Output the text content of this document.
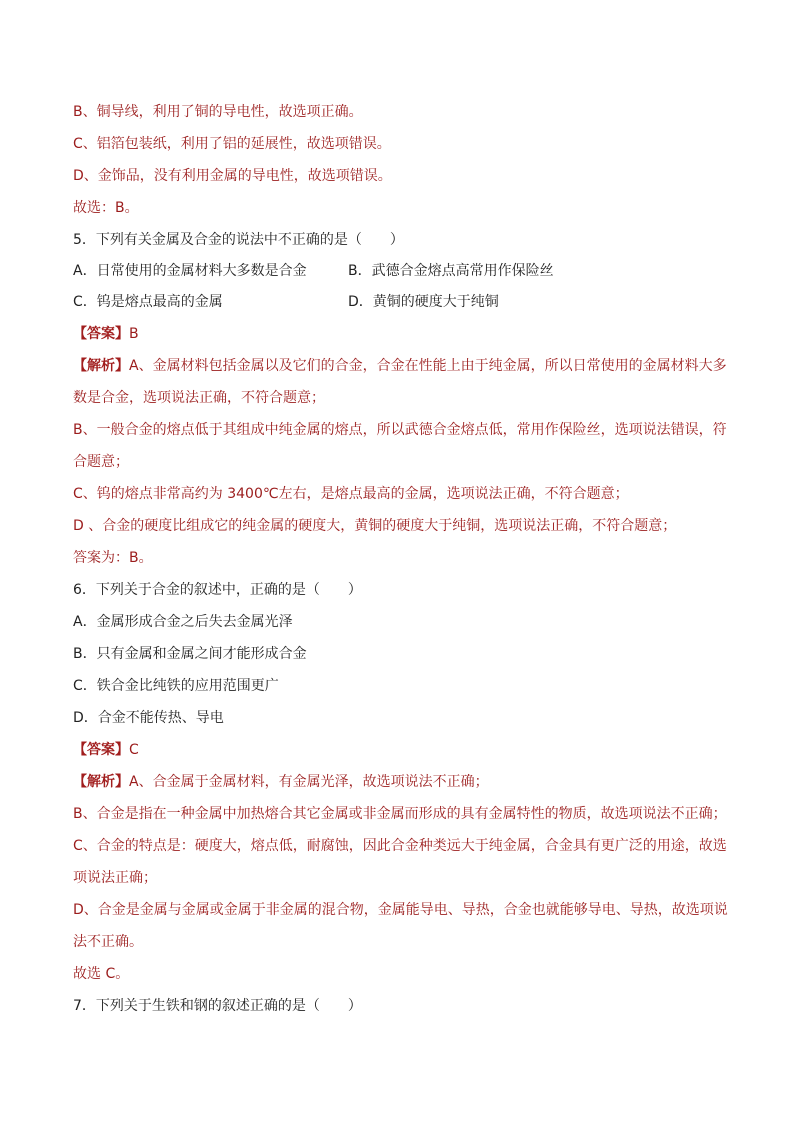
B、铜导线，利用了铜的导电性，故选项正确。
C、铝箔包装纸，利用了铝的延展性，故选项错误。
D、金饰品，没有利用金属的导电性，故选项错误。
故选：B。
5．下列有关金属及合金的说法中不正确的是（　　）
A．日常使用的金属材料大多数是合金	B．武德合金熔点高常用作保险丝
C．钨是熔点最高的金属	D．黄铜的硬度大于纯铜
【答案】B
【解析】A、金属材料包括金属以及它们的合金，合金在性能上由于纯金属，所以日常使用的金属材料大多
数是合金，选项说法正确，不符合题意；
B、一般合金的熔点低于其组成中纯金属的熔点，所以武德合金熔点低，常用作保险丝，选项说法错误，符
合题意；
C、钨的熔点非常高约为 3400℃左右，是熔点最高的金属，选项说法正确，不符合题意；
D 、合金的硬度比组成它的纯金属的硬度大，黄铜的硬度大于纯铜，选项说法正确，不符合题意；
答案为：B。
6．下列关于合金的叙述中，正确的是（　　）
A．金属形成合金之后失去金属光泽
B．只有金属和金属之间才能形成合金
C．铁合金比纯铁的应用范围更广
D．合金不能传热、导电
【答案】C
【解析】A、合金属于金属材料，有金属光泽，故选项说法不正确；
B、合金是指在一种金属中加热熔合其它金属或非金属而形成的具有金属特性的物质，故选项说法不正确；
C、合金的特点是：硬度大，熔点低，耐腐蚀，因此合金种类远大于纯金属，合金具有更广泛的用途，故选
项说法正确；
D、合金是金属与金属或金属于非金属的混合物，金属能导电、导热，合金也就能够导电、导热，故选项说
法不正确。
故选 C。
7．下列关于生铁和钢的叙述正确的是（　　）
